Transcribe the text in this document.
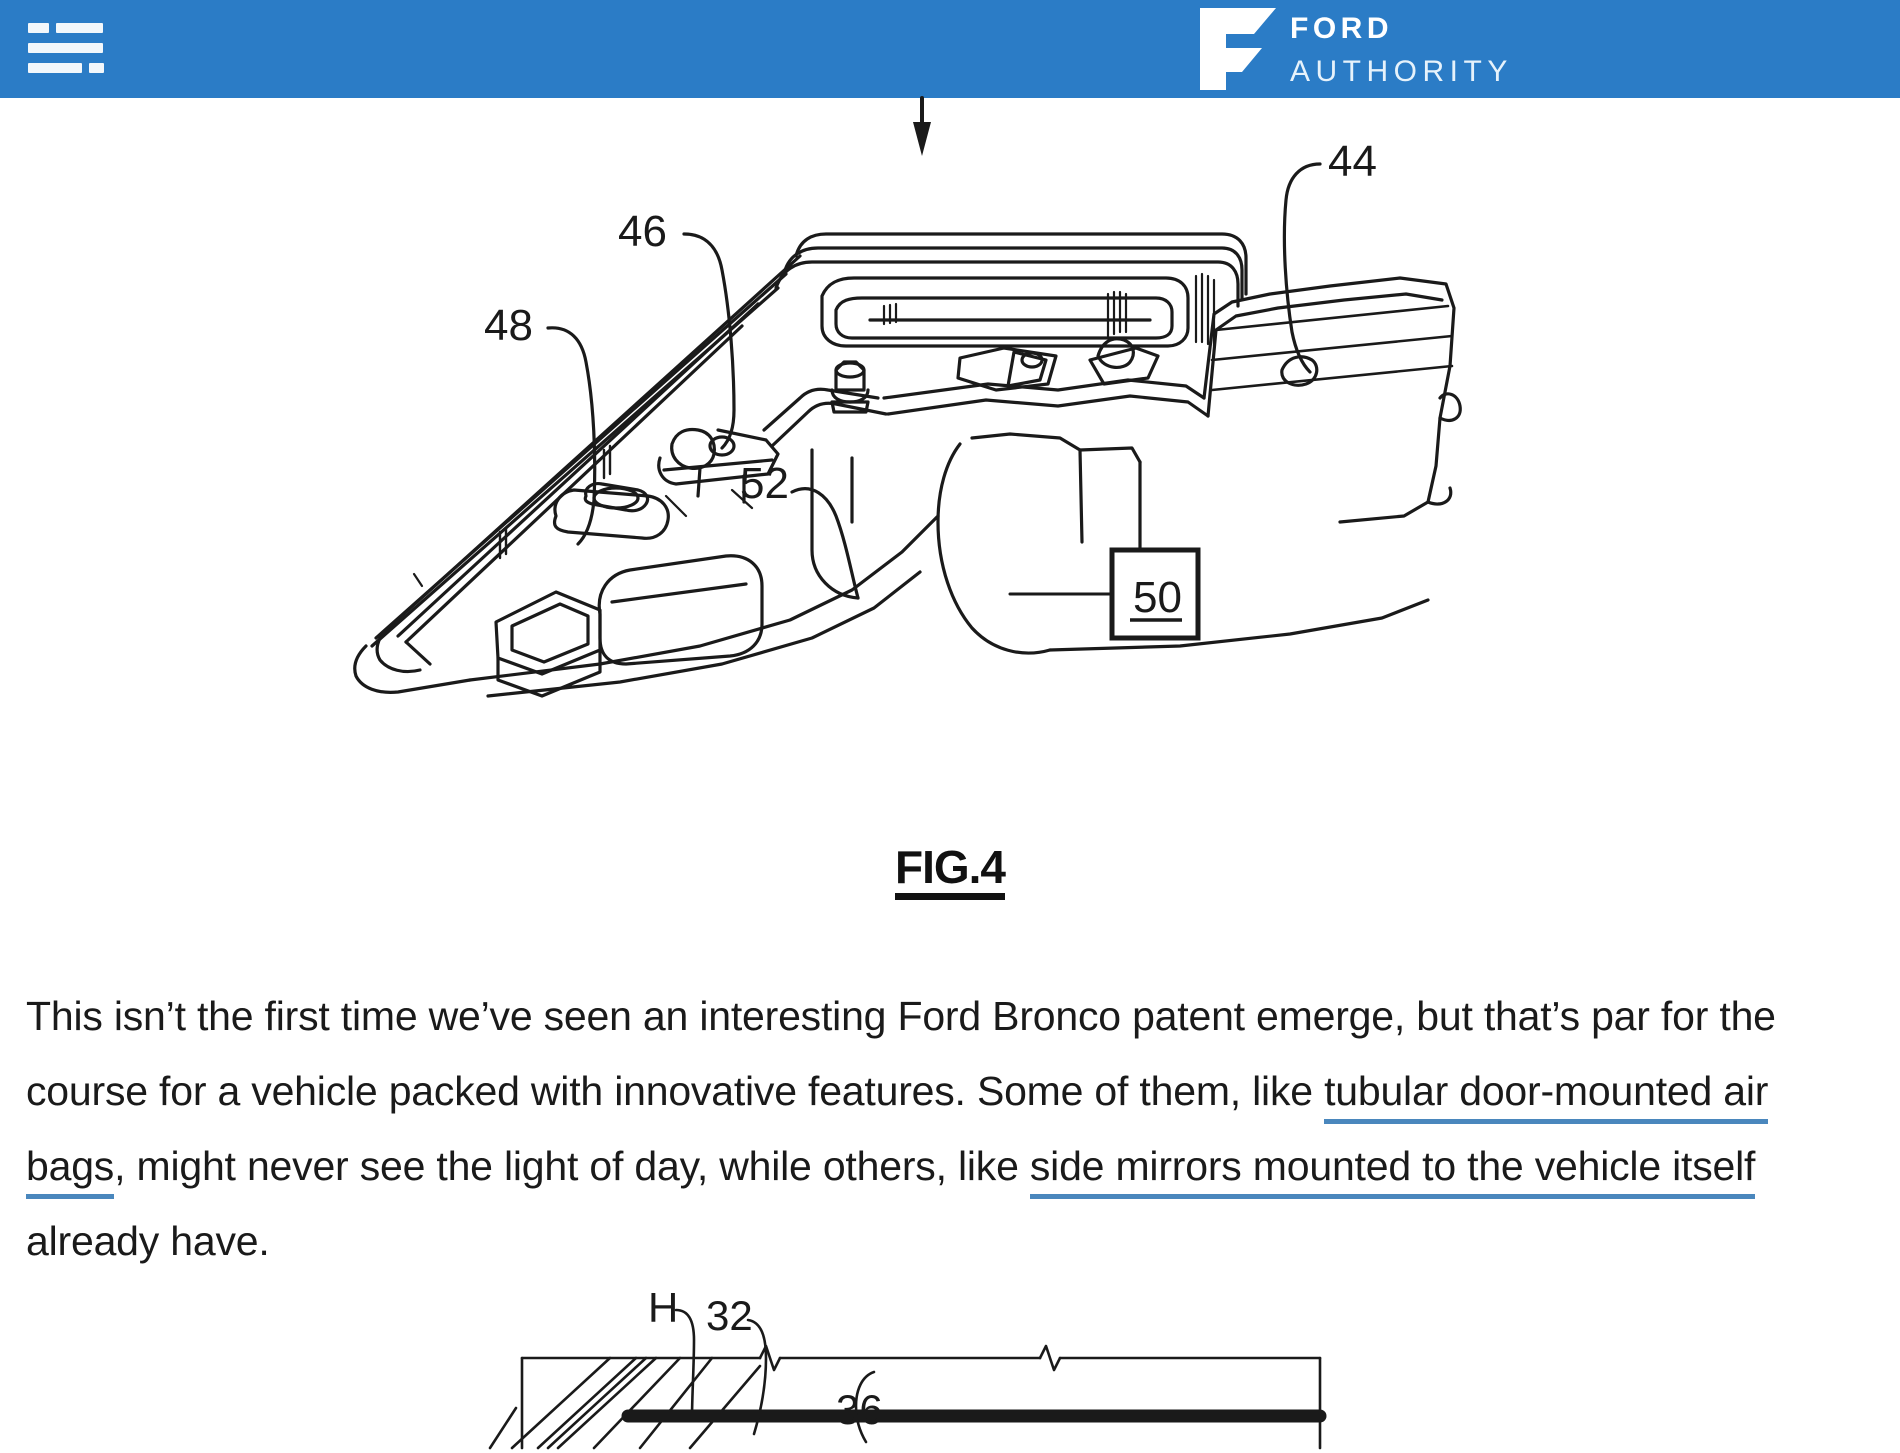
FORD
AUTHORITY
44
46
48
52
50
FIG.4

This isn’t the first time we’ve seen an interesting Ford Bronco patent emerge, but that’s par for the course for a vehicle packed with innovative features. Some of them, like tubular door-mounted air bags, might never see the light of day, while others, like side mirrors mounted to the vehicle itself already have.

H 32
36
